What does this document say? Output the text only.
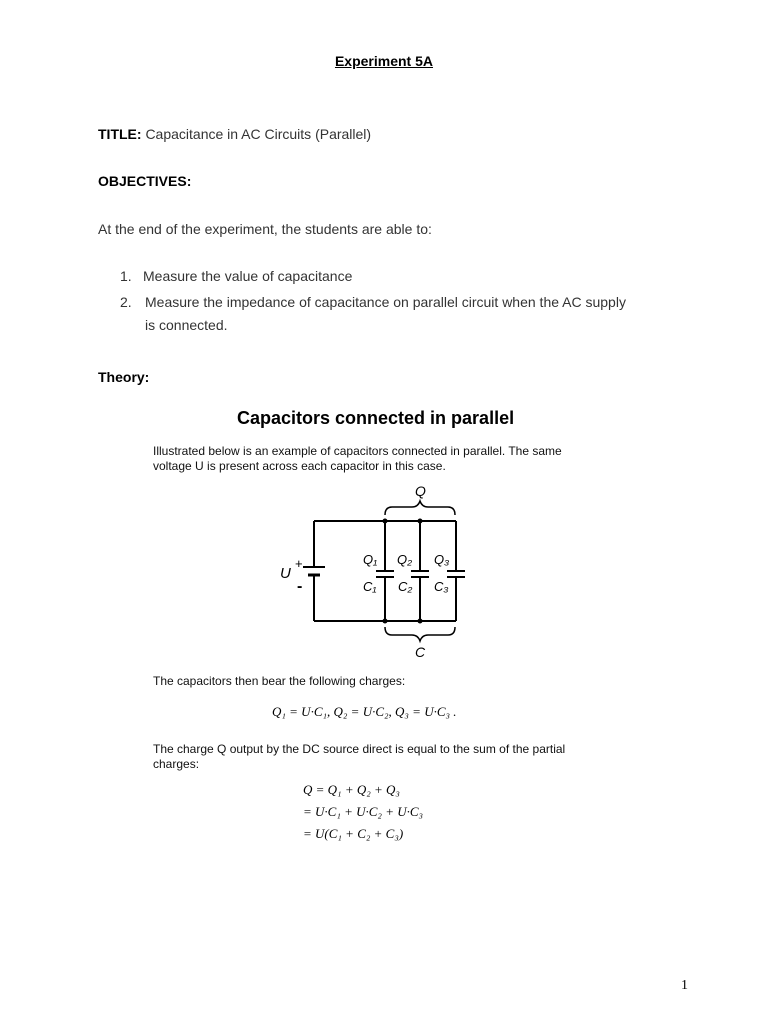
Experiment 5A
TITLE: Capacitance in AC Circuits (Parallel)
OBJECTIVES:
At the end of the experiment, the students are able to:
1. Measure the value of capacitance
2. Measure the impedance of capacitance on parallel circuit when the AC supply
is connected.
Theory:
Capacitors connected in parallel
Illustrated below is an example of capacitors connected in parallel. The same
voltage U is present across each capacitor in this case.
Q
C
U
+
-
Q₁ Q₂ Q₃
C₁ C₂ C₃
The capacitors then bear the following charges:
Q₁ = U·C₁, Q₂ = U·C₂, Q₃ = U·C₃ .
The charge Q output by the DC source direct is equal to the sum of the partial
charges:
Q = Q₁ + Q₂ + Q₃
= U·C₁ + U·C₂ + U·C₃
= U(C₁ + C₂ + C₃)
1
